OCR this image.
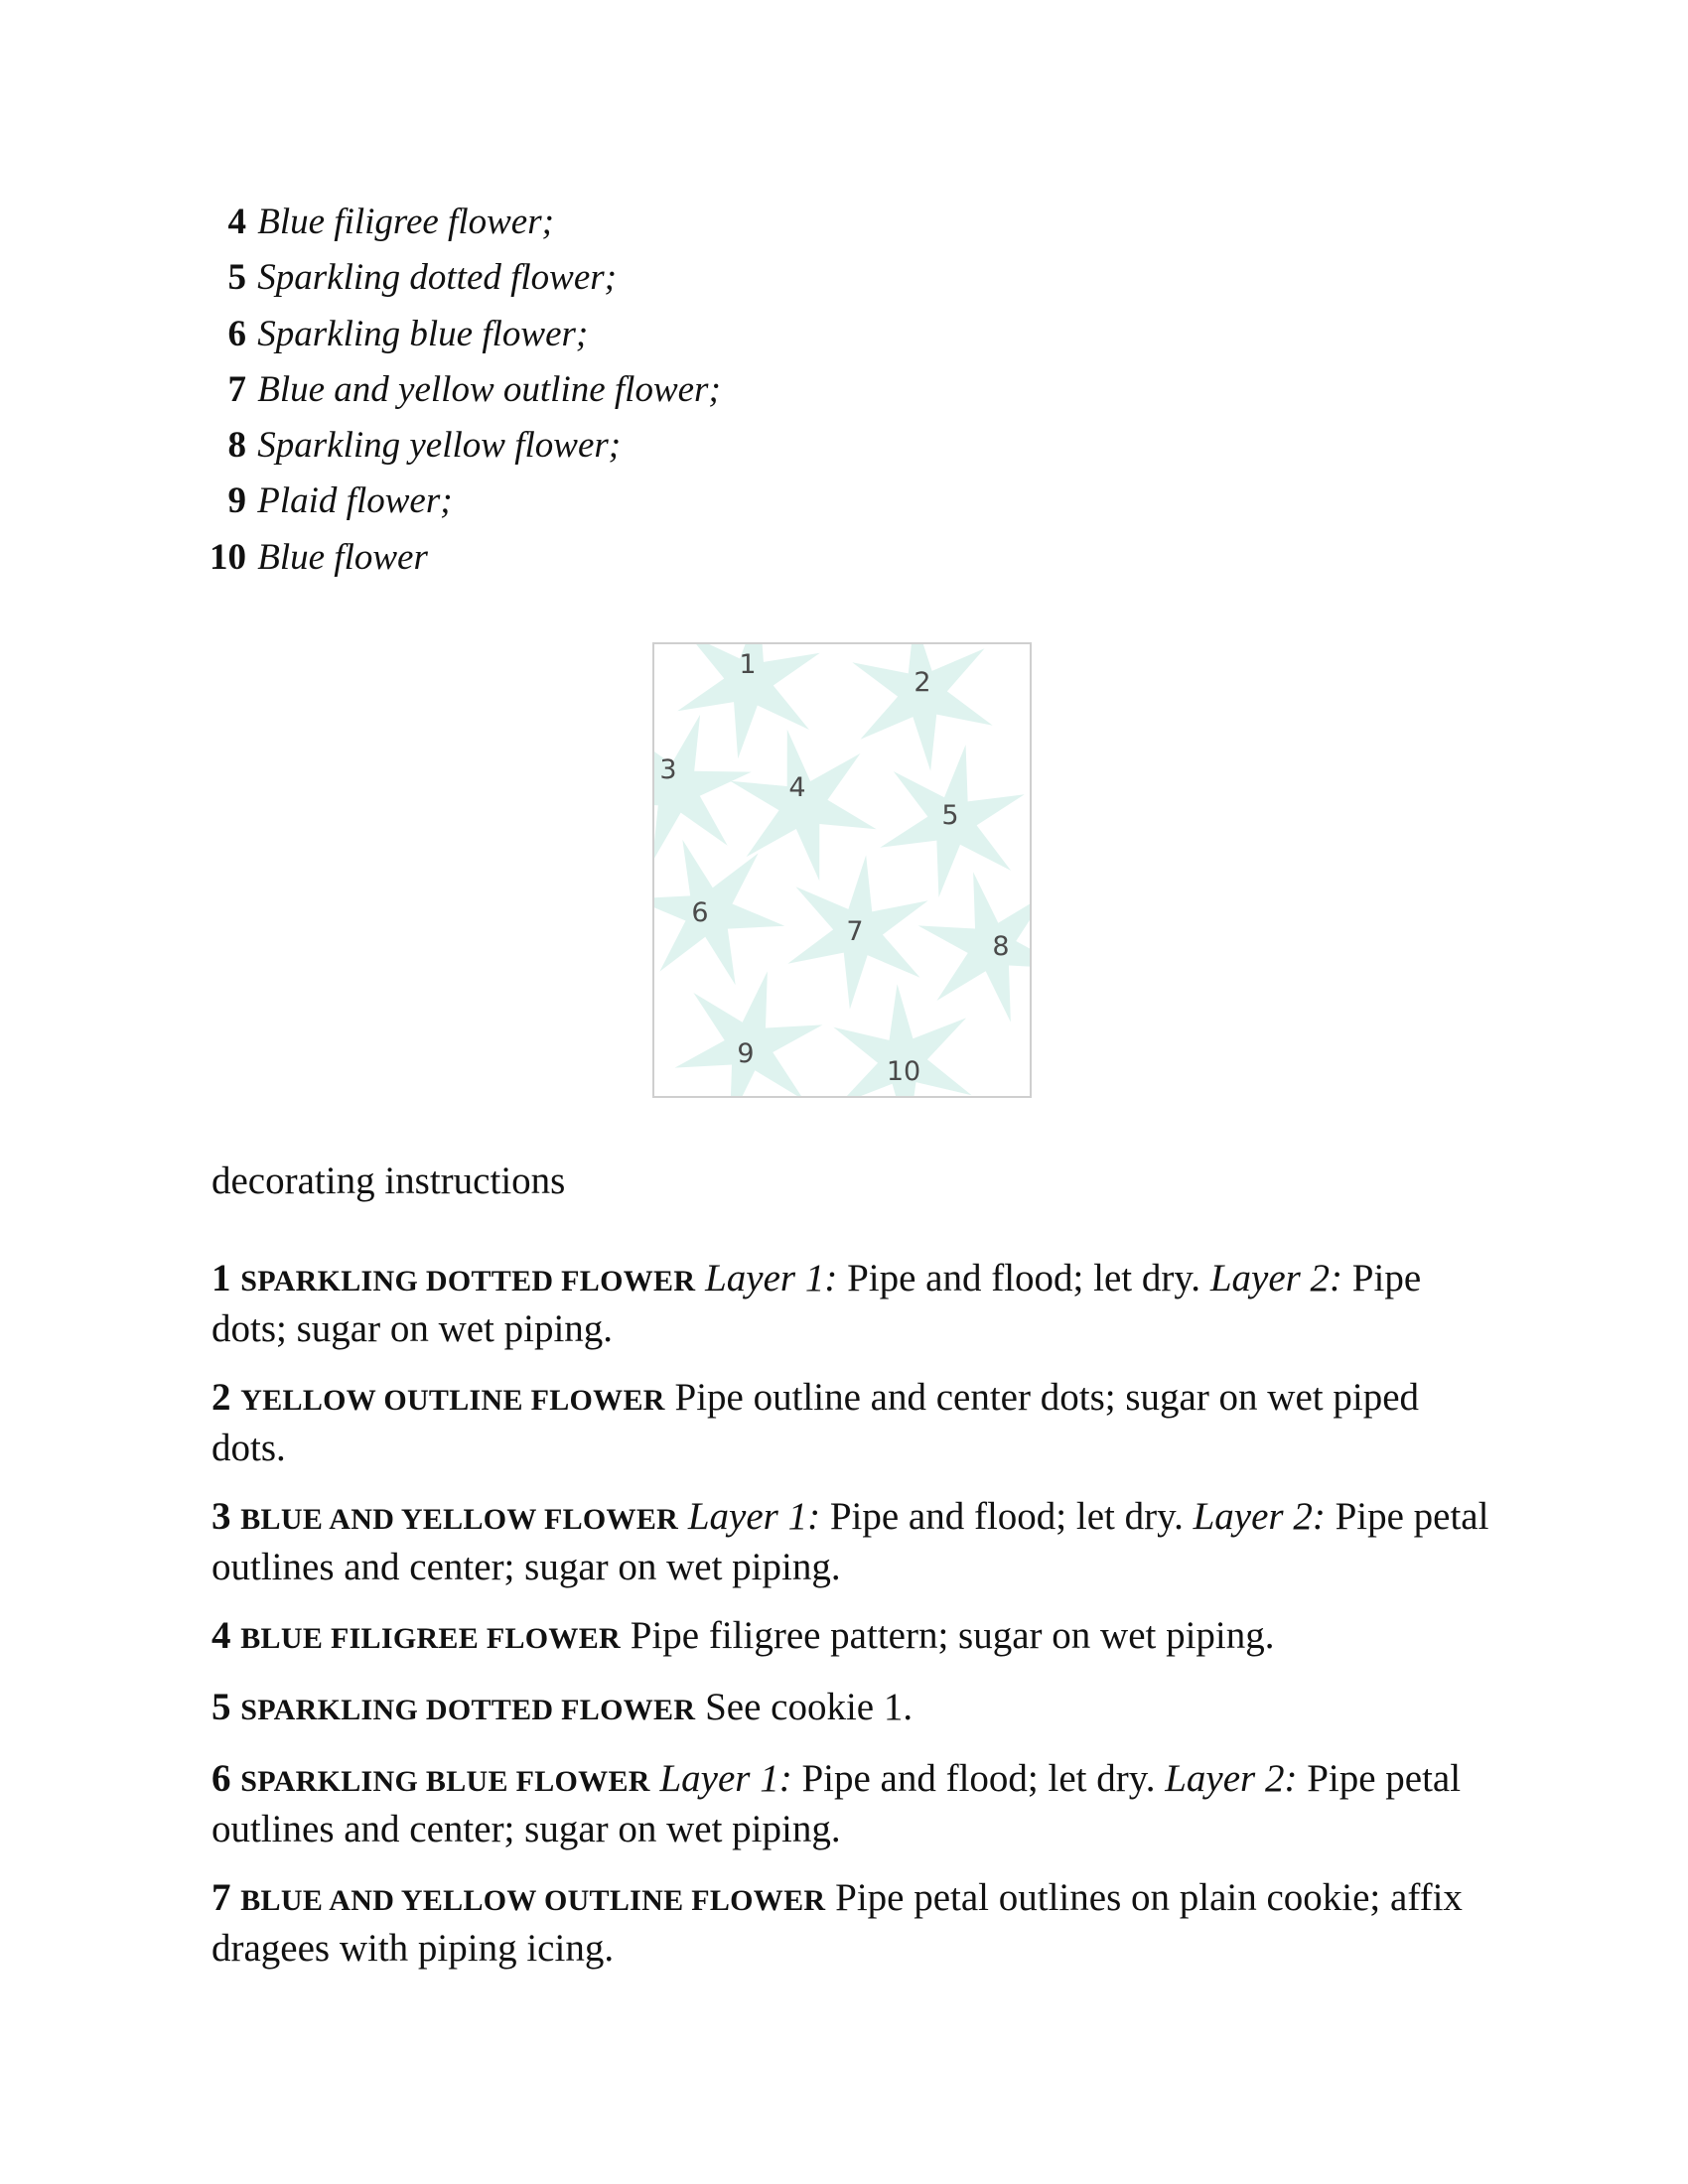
4 Blue filigree flower;
5 Sparkling dotted flower;
6 Sparkling blue flower;
7 Blue and yellow outline flower;
8 Sparkling yellow flower;
9 Plaid flower;
10 Blue flower
1
2
3
4
5
6
7	8
9
10
decorating instructions

1 SPARKLING DOTTED FLOWER Layer 1: Pipe and flood; let dry. Layer 2: Pipe dots; sugar on wet piping.

2 YELLOW OUTLINE FLOWER Pipe outline and center dots; sugar on wet piped dots.

3 BLUE AND YELLOW FLOWER Layer 1: Pipe and flood; let dry. Layer 2: Pipe petal outlines and center; sugar on wet piping.

4 BLUE FILIGREE FLOWER Pipe filigree pattern; sugar on wet piping.

5 SPARKLING DOTTED FLOWER See cookie 1.

6 SPARKLING BLUE FLOWER Layer 1: Pipe and flood; let dry. Layer 2: Pipe petal outlines and center; sugar on wet piping.

7 BLUE AND YELLOW OUTLINE FLOWER Pipe petal outlines on plain cookie; affix dragees with piping icing.
